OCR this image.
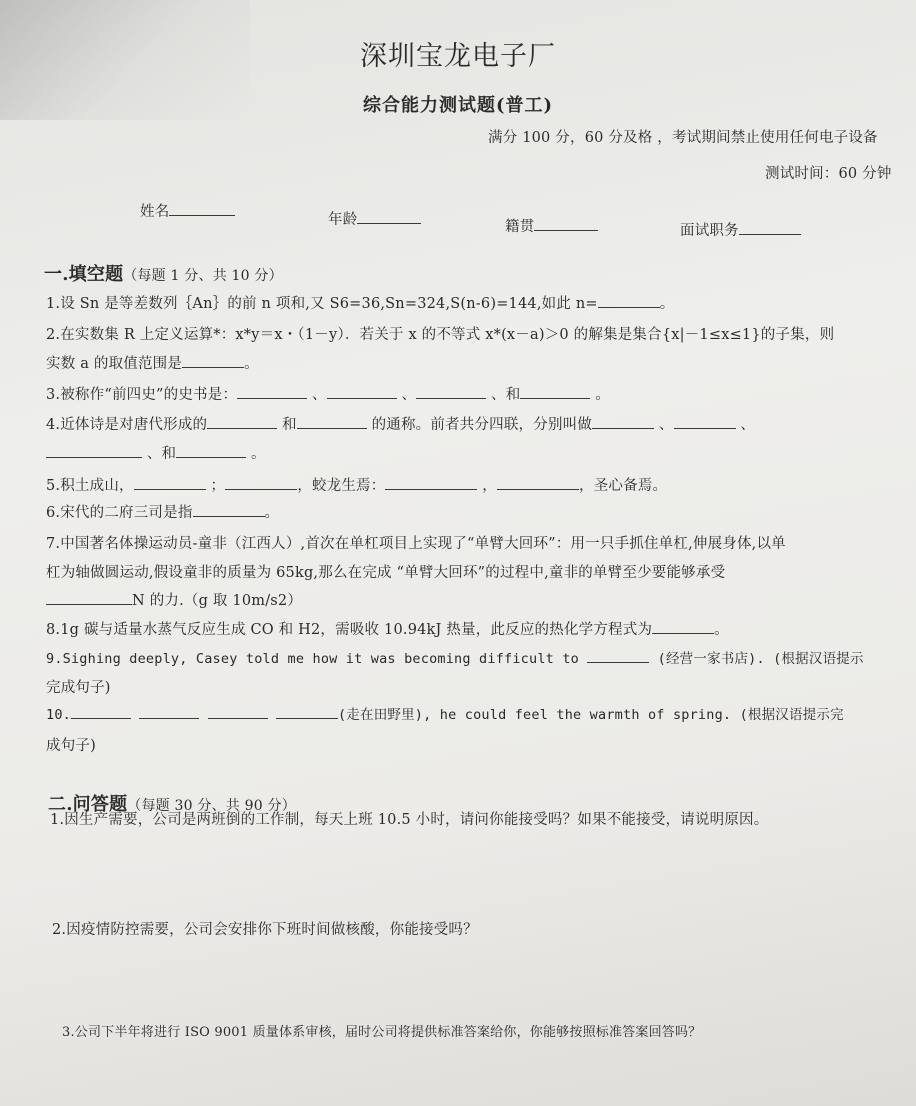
深圳宝龙电子厂
综合能力测试题(普工)
满分 100 分，60 分及格 ，考试期间禁止使用任何电子设备
测试时间：60 分钟
姓名	年龄	籍贯	面试职务
一.填空题（每题 1 分、共 10 分）
1.设 Sn 是等差数列｛An｝的前 n 项和,又 S6=36,Sn=324,S(n-6)=144,如此 n=	。
2.在实数集 R 上定义运算*：x*y＝x・（1－y）．若关于 x 的不等式 x*(x－a)＞0 的解集是集合{x|－1≤x≤1}的子集，则
实数 a 的取值范围是	。
3.被称作“前四史”的史书是：	、	、	、和	。
4.近体诗是对唐代形成的	和	的通称。前者共分四联，分别叫做	、	、
、和	。
5.积土成山，	；	，蛟龙生焉：	，	，圣心备焉。
6.宋代的二府三司是指	。
7.中国著名体操运动员-童非（江西人）,首次在单杠项目上实现了“单臂大回环”：用一只手抓住单杠,伸展身体,以单
杠为轴做圆运动,假设童非的质量为 65kg,那么在完成 “单臂大回环”的过程中,童非的单臂至少要能够承受
N 的力.（g 取 10m/s2）
8.1g 碳与适量水蒸气反应生成 CO 和 H2，需吸收 10.94kJ 热量，此反应的热化学方程式为	。
9.Sighing deeply, Casey told me how it was becoming difficult to	(经营一家书店). (根据汉语提示
完成句子)
10.	(走在田野里), he could feel the warmth of spring. (根据汉语提示完
成句子)
二.问答题（每题 30 分、共 90 分）
1.因生产需要，公司是两班倒的工作制，每天上班 10.5 小时，请问你能接受吗？如果不能接受，请说明原因。
2.因疫情防控需要，公司会安排你下班时间做核酸，你能接受吗？
3.公司下半年将进行 ISO 9001 质量体系审核，届时公司将提供标准答案给你，你能够按照标准答案回答吗？
